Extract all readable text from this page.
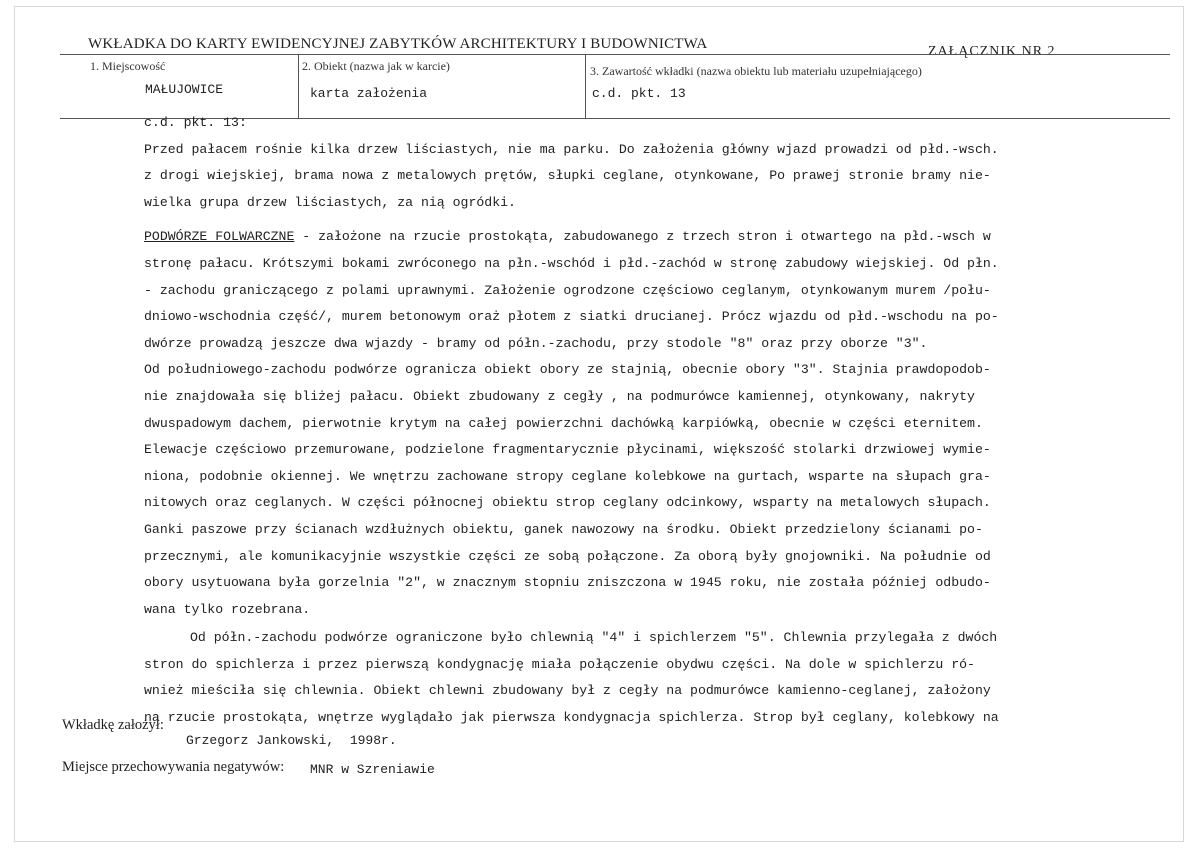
WKŁADKA DO KARTY EWIDENCYJNEJ ZABYTKÓW ARCHITEKTURY I BUDOWNICTWA	ZAŁĄCZNIK NR 2
1. Miejscowość
MAŁUJOWICE
2. Obiekt (nazwa jak w karcie)
karta założenia
3. Zawartość wkładki (nazwa obiektu lub materiału uzupełniającego)
c.d. pkt. 13

c.d. pkt. 13:

Przed pałacem rośnie kilka drzew liściastych, nie ma parku. Do założenia główny wjazd prowadzi od płd.-wsch.

z drogi wiejskiej, brama nowa z metalowych prętów, słupki ceglane, otynkowane, Po prawej stronie bramy nie-

wielka grupa drzew liściastych, za nią ogródki.

PODWÓRZE FOLWARCZNE - założone na rzucie prostokąta, zabudowanego z trzech stron i otwartego na płd.-wsch w

stronę pałacu. Krótszymi bokami zwróconego na płn.-wschód i płd.-zachód w stronę zabudowy wiejskiej. Od płn.

- zachodu graniczącego z polami uprawnymi. Założenie ogrodzone częściowo ceglanym, otynkowanym murem /połu-

dniowo-wschodnia część/, murem betonowym oraż płotem z siatki drucianej. Prócz wjazdu od płd.-wschodu na po-

dwórze prowadzą jeszcze dwa wjazdy - bramy od półn.-zachodu, przy stodole "8" oraz przy oborze "3".

Od południowego-zachodu podwórze ogranicza obiekt obory ze stajnią, obecnie obory "3". Stajnia prawdopodob-

nie znajdowała się bliżej pałacu. Obiekt zbudowany z cegły , na podmurówce kamiennej, otynkowany, nakryty

dwuspadowym dachem, pierwotnie krytym na całej powierzchni dachówką karpiówką, obecnie w części eternitem.

Elewacje częściowo przemurowane, podzielone fragmentarycznie płycinami, większość stolarki drzwiowej wymie-

niona, podobnie okiennej. We wnętrzu zachowane stropy ceglane kolebkowe na gurtach, wsparte na słupach gra-

nitowych oraz ceglanych. W części północnej obiektu strop ceglany odcinkowy, wsparty na metalowych słupach.

Ganki paszowe przy ścianach wzdłużnych obiektu, ganek nawozowy na środku. Obiekt przedzielony ścianami po-

przecznymi, ale komunikacyjnie wszystkie części ze sobą połączone. Za oborą były gnojowniki. Na południe od

obory usytuowana była gorzelnia "2", w znacznym stopniu zniszczona w 1945 roku, nie została później odbudo-

wana tylko rozebrana.

Od półn.-zachodu podwórze ograniczone było chlewnią "4" i spichlerzem "5". Chlewnia przylegała z dwóch

stron do spichlerza i przez pierwszą kondygnację miała połączenie obydwu części. Na dole w spichlerzu ró-

wnież mieściła się chlewnia. Obiekt chlewni zbudowany był z cegły na podmurówce kamienno-ceglanej, założony

na rzucie prostokąta, wnętrze wyglądało jak pierwsza kondygnacja spichlerza. Strop był ceglany, kolebkowy na

Wkładkę założył:
Grzegorz Jankowski,  1998r.
Miejsce przechowywania negatywów: MNR w Szreniawie
